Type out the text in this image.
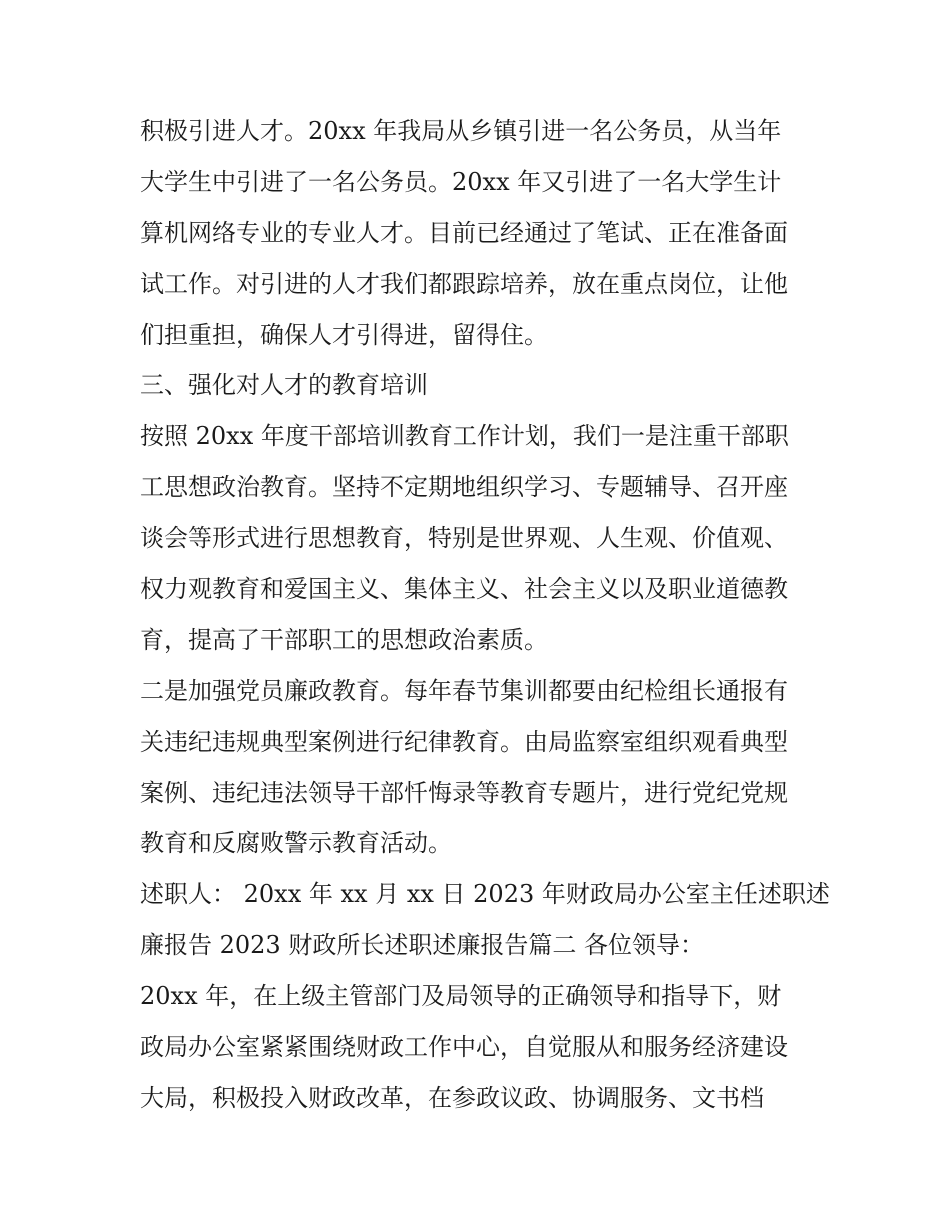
积极引进人才。20xx 年我局从乡镇引进一名公务员，从当年
大学生中引进了一名公务员。20xx 年又引进了一名大学生计
算机网络专业的专业人才。目前已经通过了笔试、正在准备面
试工作。对引进的人才我们都跟踪培养，放在重点岗位，让他
们担重担，确保人才引得进，留得住。
三、强化对人才的教育培训
按照 20xx 年度干部培训教育工作计划，我们一是注重干部职
工思想政治教育。坚持不定期地组织学习、专题辅导、召开座
谈会等形式进行思想教育，特别是世界观、人生观、价值观、
权力观教育和爱国主义、集体主义、社会主义以及职业道德教
育，提高了干部职工的思想政治素质。
二是加强党员廉政教育。每年春节集训都要由纪检组长通报有
关违纪违规典型案例进行纪律教育。由局监察室组织观看典型
案例、违纪违法领导干部忏悔录等教育专题片，进行党纪党规
教育和反腐败警示教育活动。
述职人： 20xx 年 xx 月 xx 日 2023 年财政局办公室主任述职述
廉报告 2023 财政所长述职述廉报告篇二 各位领导：
20xx 年，在上级主管部门及局领导的正确领导和指导下，财
政局办公室紧紧围绕财政工作中心，自觉服从和服务经济建设
大局，积极投入财政改革，在参政议政、协调服务、文书档
